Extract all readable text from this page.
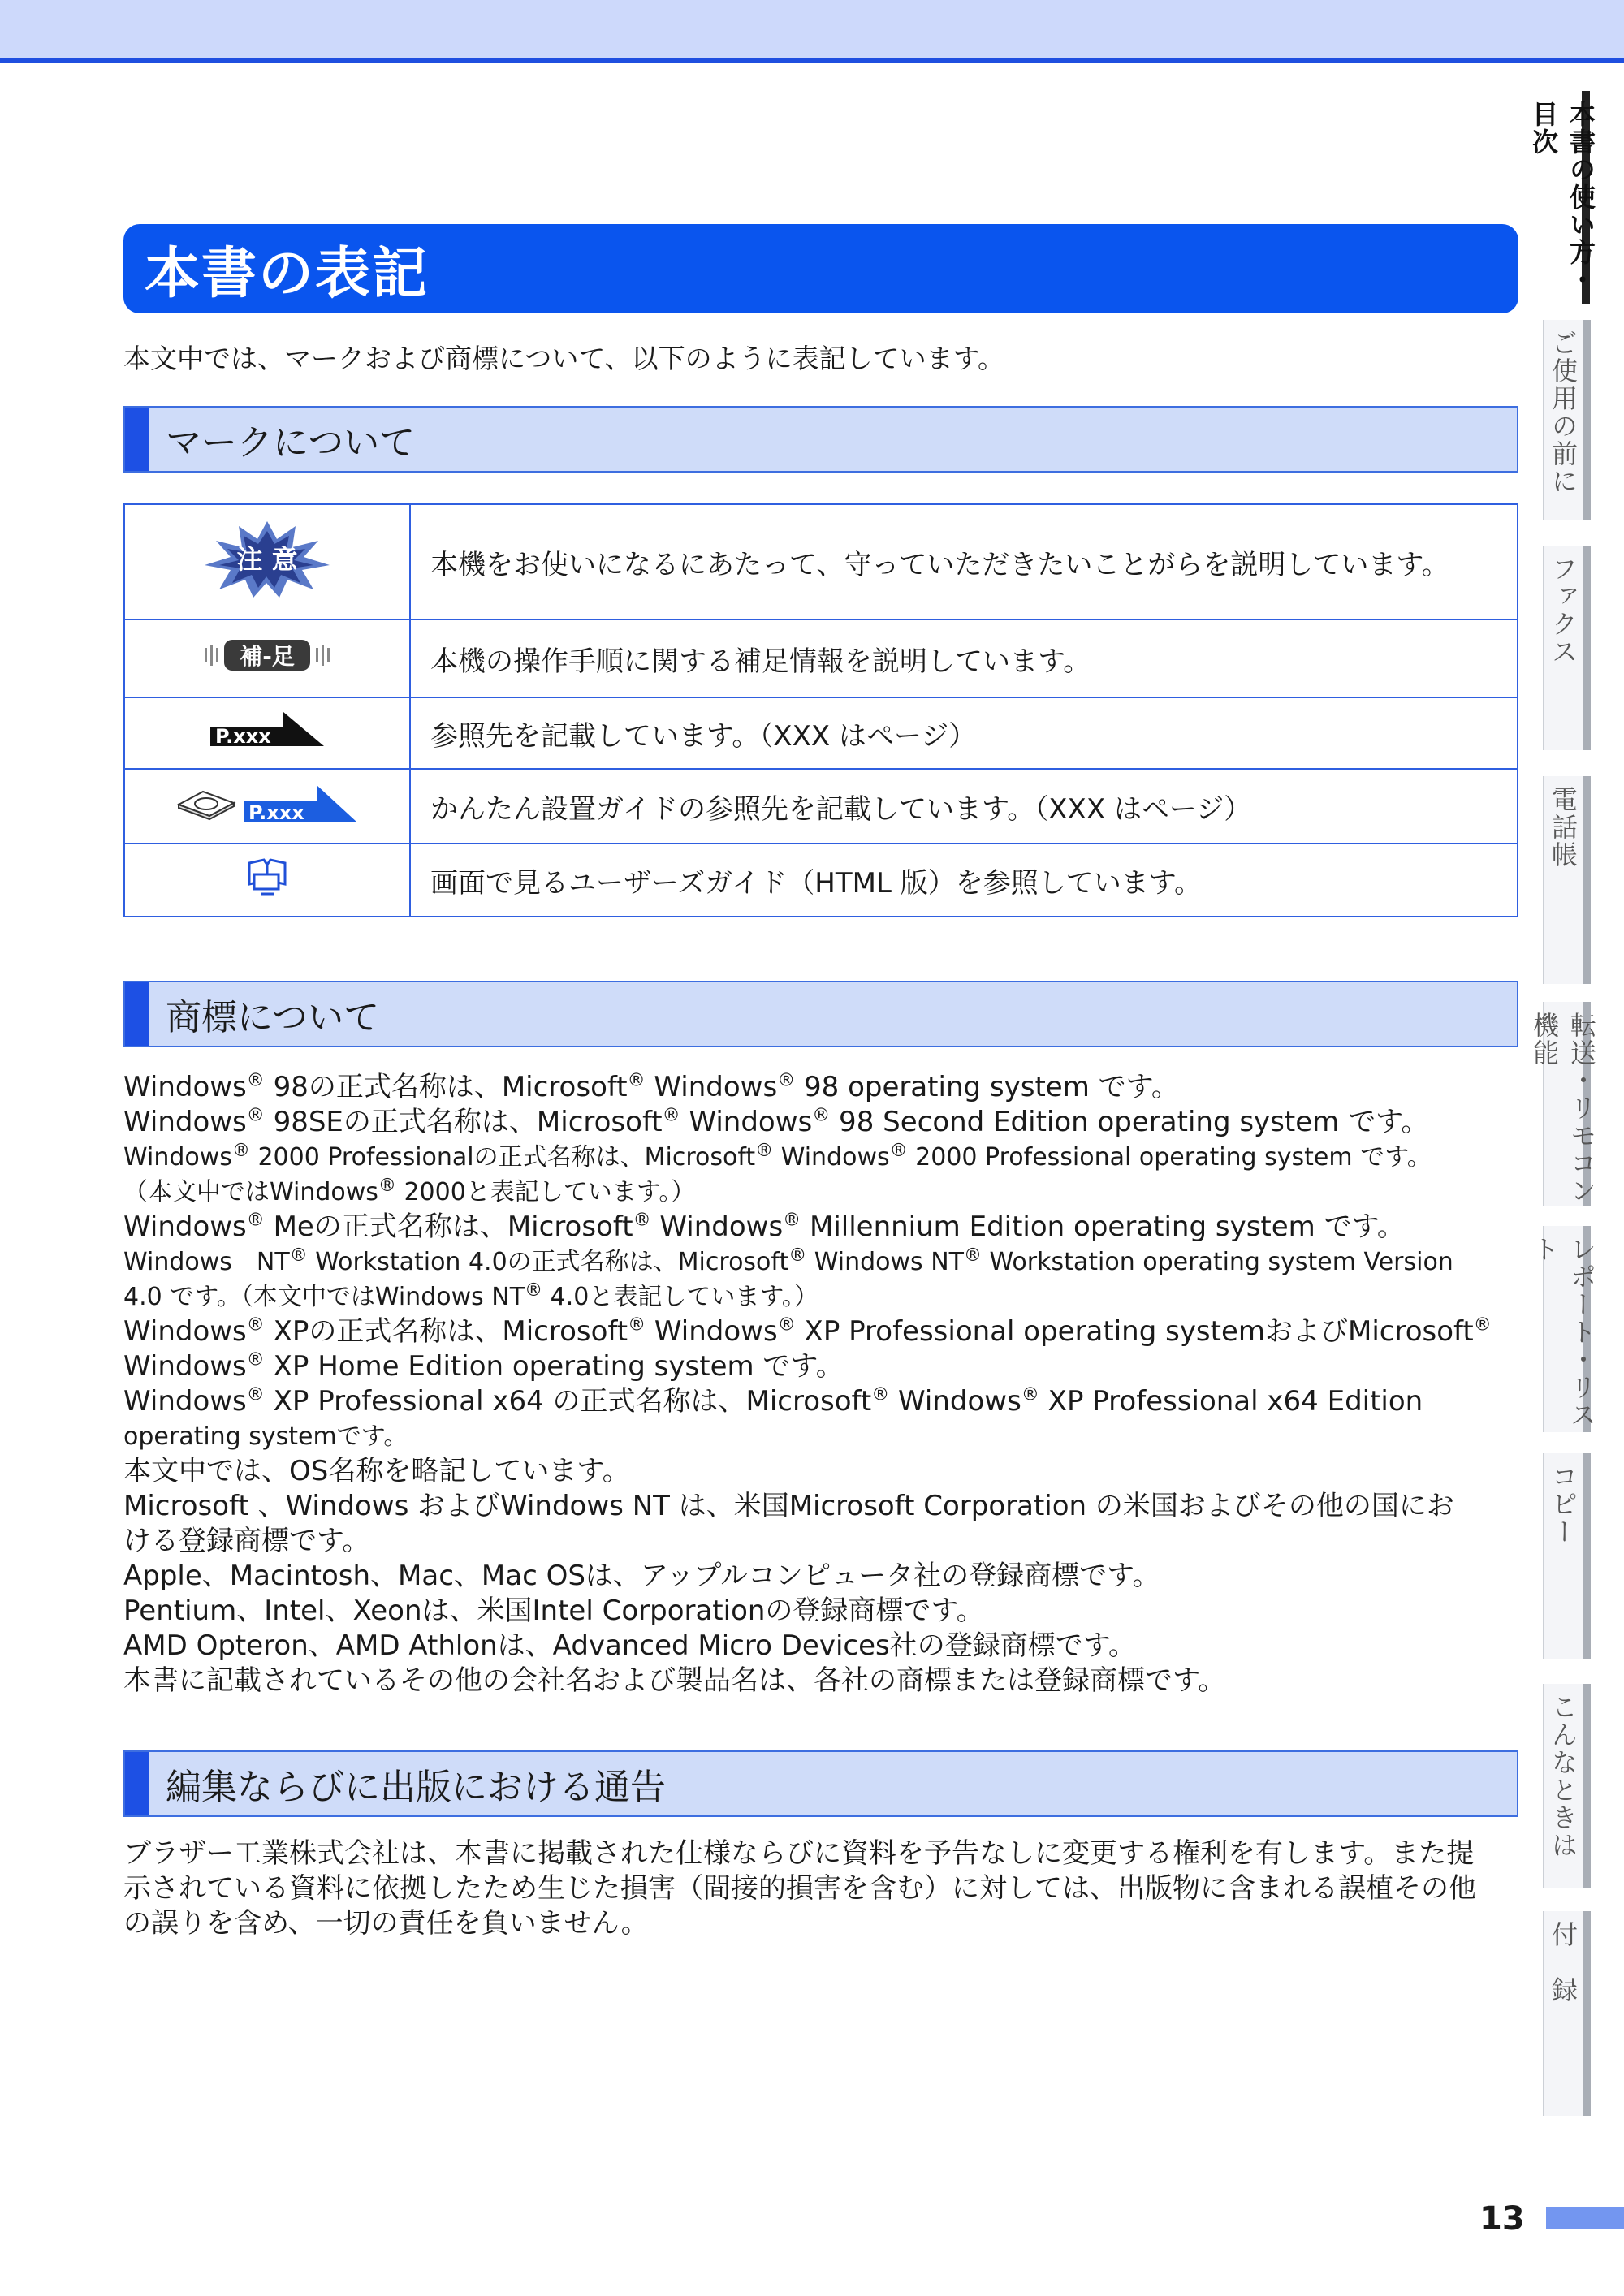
本書の表記
本文中では、マークおよび商標について、以下のように表記しています。
マークについて
注 意	本機をお使いになるにあたって、守っていただきたいことがらを説明しています。

補-足	本機の操作手順に関する補足情報を説明しています。

P.xxx	参照先を記載しています。（XXX はページ）

P.xxx	かんたん設置ガイドの参照先を記載しています。（XXX はページ）
	画面で見るユーザーズガイド（HTML 版）を参照しています。
商標について

Windows® 98の正式名称は、Microsoft® Windows® 98 operating system です。

Windows® 98SEの正式名称は、Microsoft® Windows® 98 Second Edition operating system です。

Windows® 2000 Professionalの正式名称は、Microsoft® Windows® 2000 Professional operating system です。

（本文中ではWindows® 2000と表記しています。）

Windows® Meの正式名称は、Microsoft® Windows® Millennium Edition operating system です。

Windows　NT® Workstation 4.0の正式名称は、Microsoft® Windows NT® Workstation operating system Version

4.0 です。（本文中ではWindows NT® 4.0と表記しています。）

Windows® XPの正式名称は、Microsoft® Windows® XP Professional operating systemおよびMicrosoft®

Windows® XP Home Edition operating system です。

Windows® XP Professional x64 の正式名称は、Microsoft® Windows® XP Professional x64 Edition

operating systemです。

本文中では、OS名称を略記しています。

Microsoft 、Windows およびWindows NT は、米国Microsoft Corporation の米国およびその他の国にお

ける登録商標です。

Apple、Macintosh、Mac、Mac OSは、アップルコンピュータ社の登録商標です。

Pentium、Intel、Xeonは、米国Intel Corporationの登録商標です。

AMD Opteron、AMD Athlonは、Advanced Micro Devices社の登録商標です。

本書に記載されているその他の会社名および製品名は、各社の商標または登録商標です。

編集ならびに出版における通告
ブラザー工業株式会社は、本書に掲載された仕様ならびに資料を予告なしに変更する権利を有します。また提
示されている資料に依拠したため生じた損害（間接的損害を含む）に対しては、出版物に含まれる誤植その他
の誤りを含め、一切の責任を負いません。
本書の使い方・
目次
ご使用の前に
ファクス
電話帳
転送・リモコン機能
レポート・リスト
コピー
こんなときは
付　録
13
